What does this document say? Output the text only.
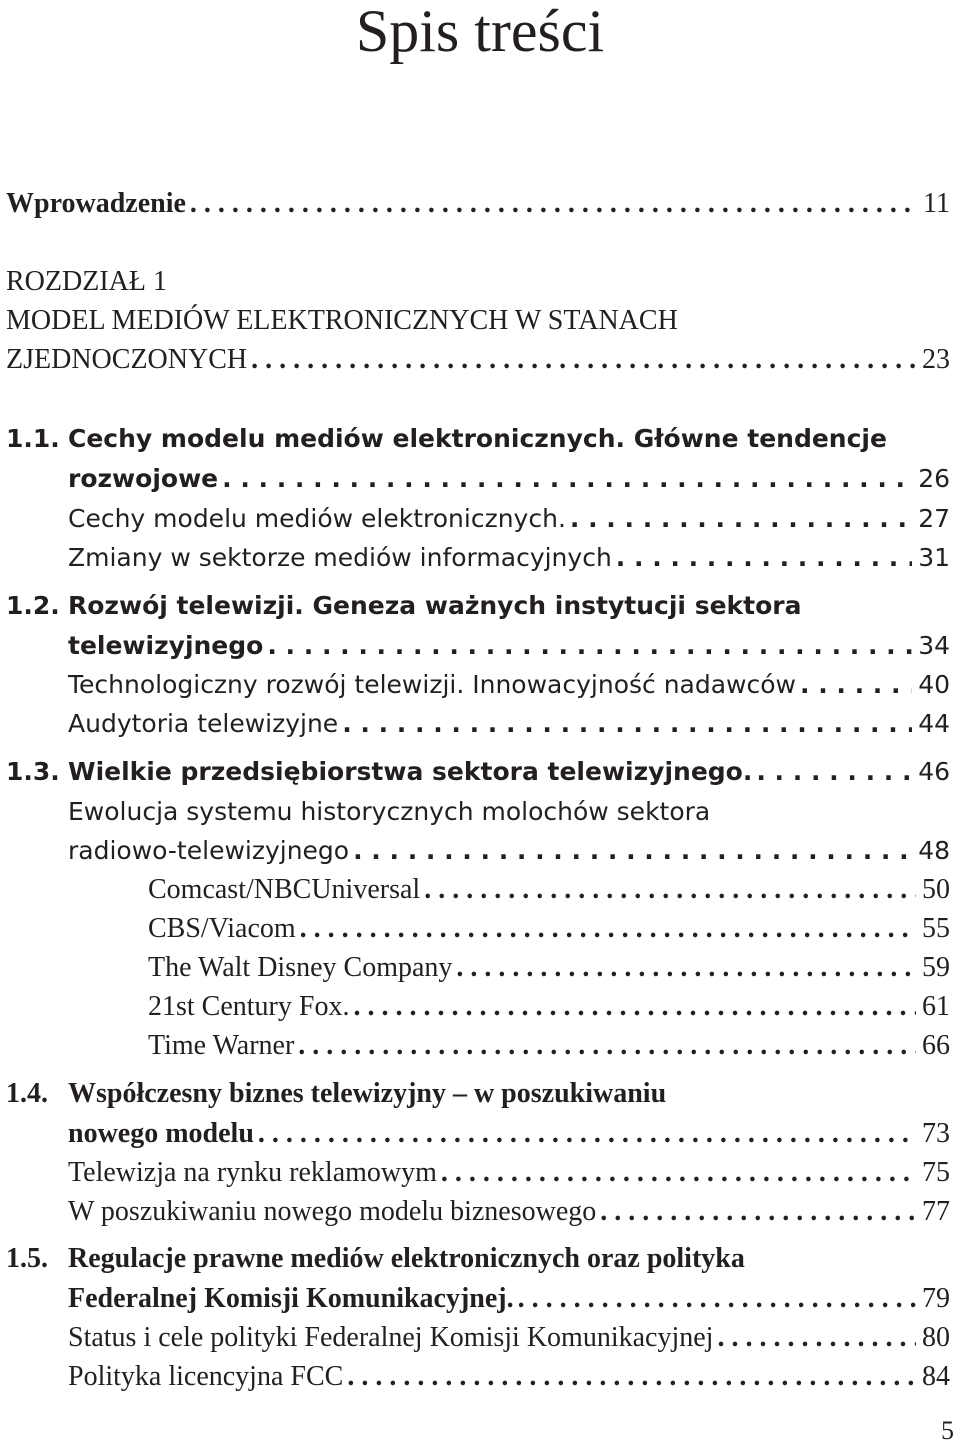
Spis treści
Wprowadzenie . . .	11
ROZDZIAŁ 1
MODEL MEDIÓW ELEKTRONICZNYCH W STANACH
ZJEDNOCZONYCH . . .	23
1.1. Cechy modelu mediów elektronicznych. Główne tendencje
rozwojowe . . .	26
Cechy modelu mediów elektronicznych. . . .	27
Zmiany w sektorze mediów informacyjnych . . .	31
1.2. Rozwój telewizji. Geneza ważnych instytucji sektora
telewizyjnego . . .	34
Technologiczny rozwój telewizji. Innowacyjność nadawców . . .	40
Audytoria telewizyjne . . .	44
1.3. Wielkie przedsiębiorstwa sektora telewizyjnego. . . .	46
Ewolucja systemu historycznych molochów sektora
radiowo-telewizyjnego . . .	48
Comcast/NBCUniversal . . .	50
CBS/Viacom . . .	55
The Walt Disney Company . . .	59
21st Century Fox. . . .	61
Time Warner . . .	66
1.4. Współczesny biznes telewizyjny – w poszukiwaniu
nowego modelu . . .	73
Telewizja na rynku reklamowym . . .	75
W poszukiwaniu nowego modelu biznesowego . . .	77
1.5. Regulacje prawne mediów elektronicznych oraz polityka
Federalnej Komisji Komunikacyjnej. . . .	79
Status i cele polityki Federalnej Komisji Komunikacyjnej . . .	80
Polityka licencyjna FCC . . .	84
5
